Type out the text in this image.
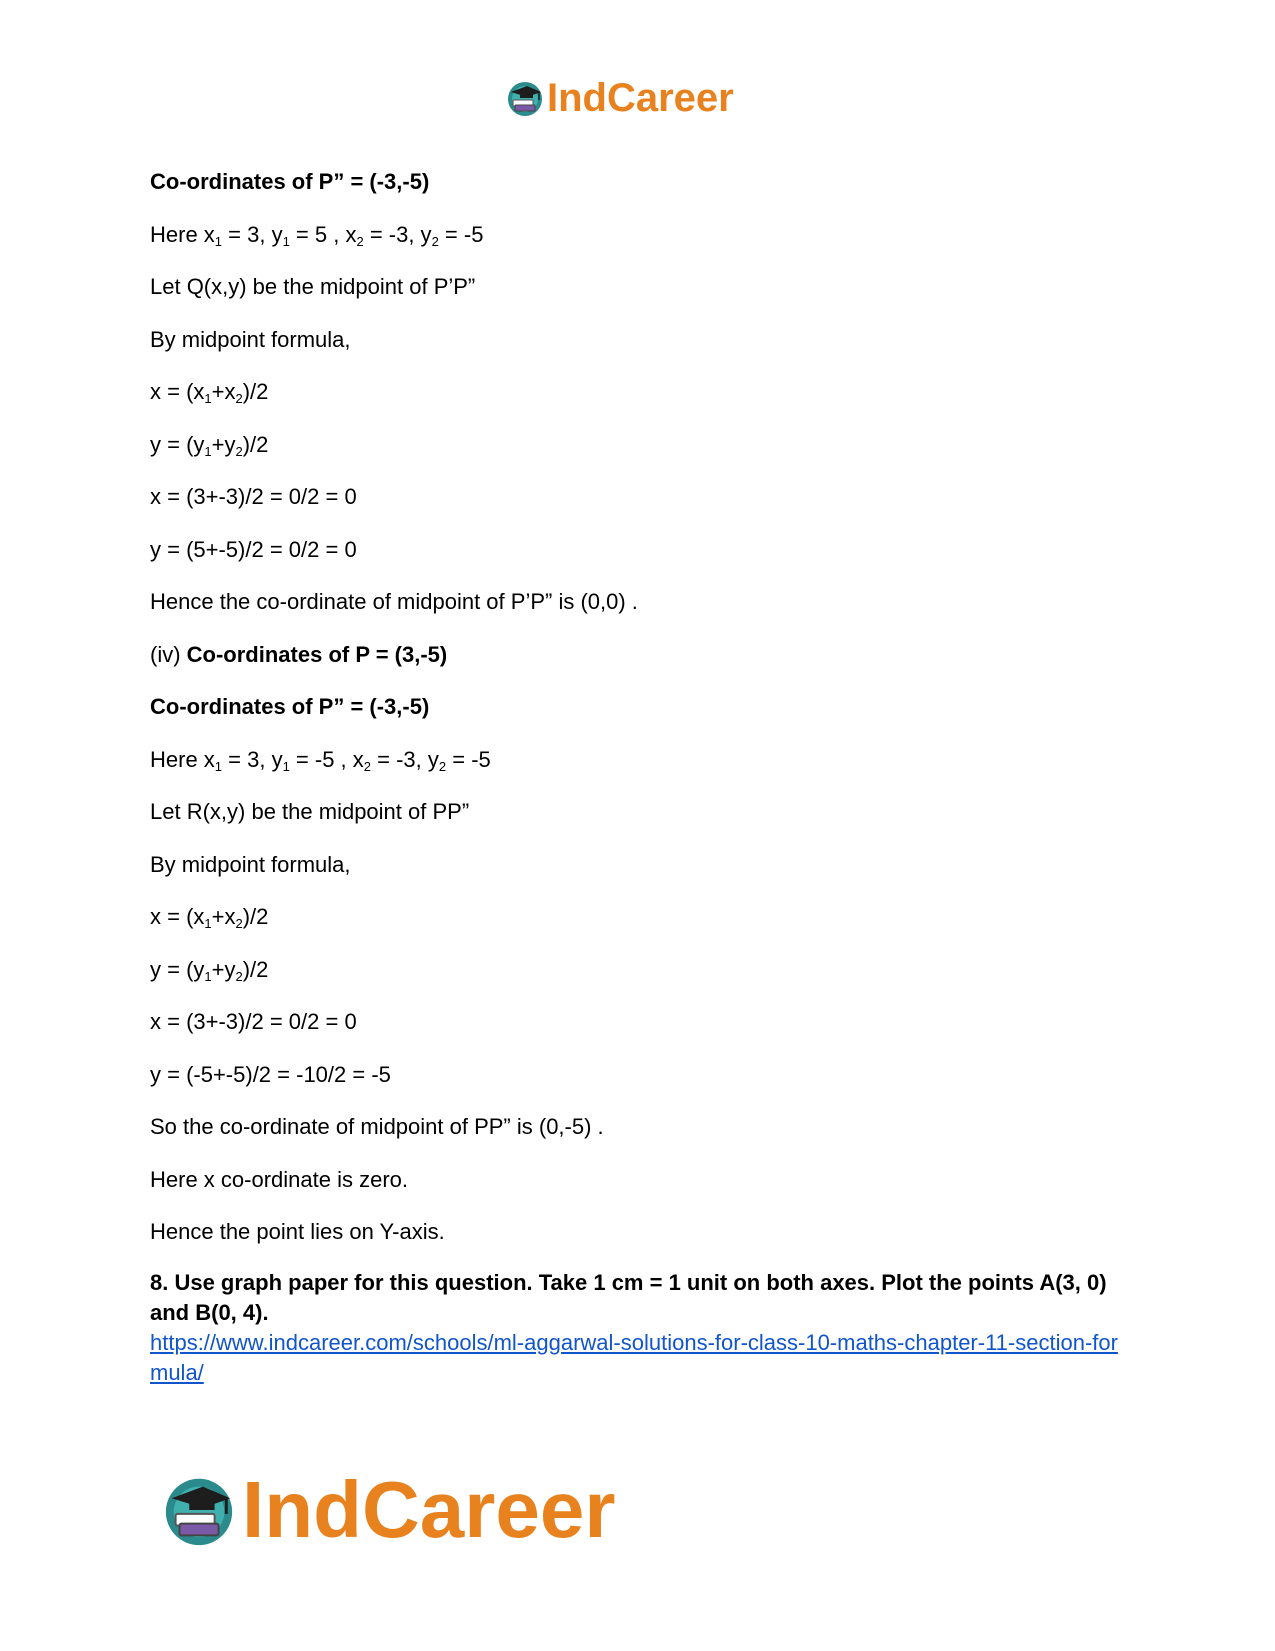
IndCareer
Co-ordinates of P” = (-3,-5)
Here $x_1 = 3$, $y_1 = 5$ , $x_2 = -3$, $y_2 = -5$
Let Q(x,y) be the midpoint of P’P”
By midpoint formula,
$x = (x_1+x_2)/2$
$y = (y_1+y_2)/2$
x = (3+-3)/2 = 0/2 = 0
y = (5+-5)/2 = 0/2 = 0
Hence the co-ordinate of midpoint of P’P” is (0,0) .
(iv) Co-ordinates of P = (3,-5)
Co-ordinates of P” = (-3,-5)
Here $x_1 = 3$, $y_1 = -5$ , $x_2 = -3$, $y_2 = -5$
Let R(x,y) be the midpoint of PP”
By midpoint formula,
$x = (x_1+x_2)/2$
$y = (y_1+y_2)/2$
x = (3+-3)/2 = 0/2 = 0
y = (-5+-5)/2 = -10/2 = -5
So the co-ordinate of midpoint of PP” is (0,-5) .
Here x co-ordinate is zero.
Hence the point lies on Y-axis.
8. Use graph paper for this question. Take 1 cm = 1 unit on both axes. Plot the points A(3, 0) and B(0, 4).
https://www.indcareer.com/schools/ml-aggarwal-solutions-for-class-10-maths-chapter-11-section-formula/
IndCareer
